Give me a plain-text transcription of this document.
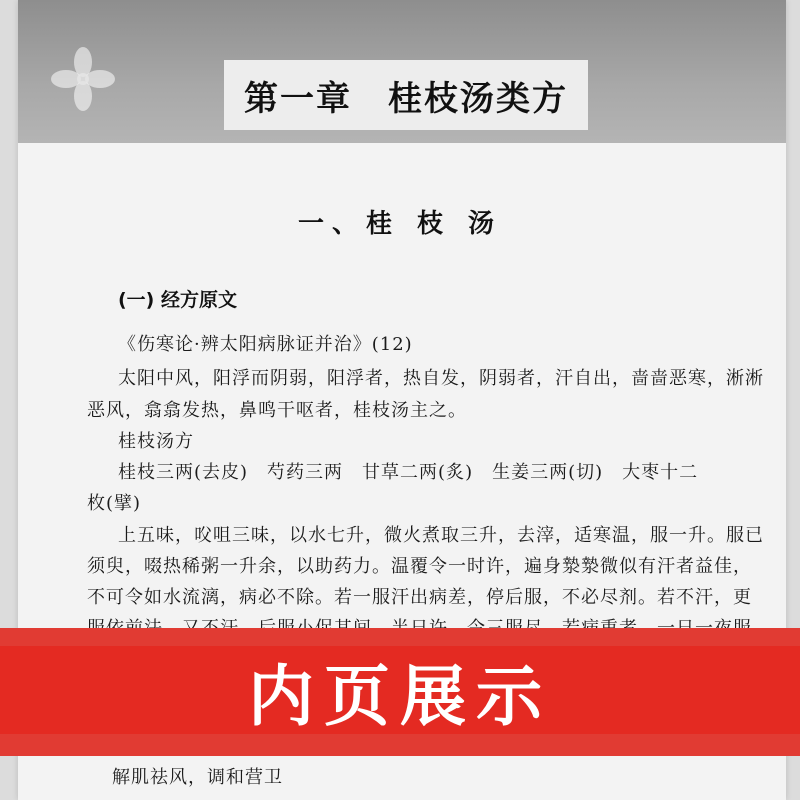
第一章　桂枝汤类方
一、桂 枝 汤
(一) 经方原文
《伤寒论·辨太阳病脉证并治》(12)
太阳中风，阳浮而阴弱，阳浮者，热自发，阴弱者，汗自出，啬啬恶寒，淅淅
恶风，翕翕发热，鼻鸣干呕者，桂枝汤主之。
桂枝汤方
桂枝三两(去皮)　芍药三两　甘草二两(炙)　生姜三两(切)　大枣十二
枚(擘)
上五味，㕮咀三味，以水七升，微火煮取三升，去滓，适寒温，服一升。服已
须臾，啜热稀粥一升余，以助药力。温覆令一时许，遍身漐漐微似有汗者益佳，
不可令如水流漓，病必不除。若一服汗出病差，停后服，不必尽剂。若不汗，更
内页展示
解肌祛风，调和营卫
